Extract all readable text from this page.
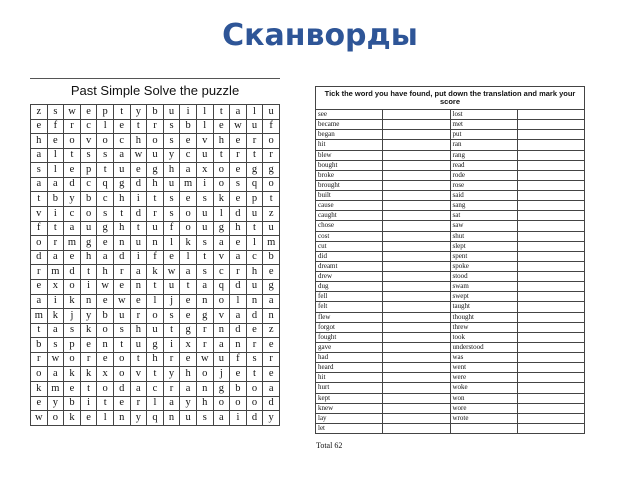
Сканворды
Past Simple Solve the puzzle
z	s	w	e	p	t	y	b	u	i	l	t	a	l	u
e	f	r	c	l	e	t	r	s	b	l	e	w	u	f
h	e	o	v	o	c	h	o	s	e	v	h	e	r	o
a	l	t	s	s	a	w	u	y	c	u	t	r	t	r
s	l	e	p	t	u	e	g	h	a	x	o	e	g	g
a	a	d	c	q	g	d	h	u	m	i	o	s	q	o
t	b	y	b	c	h	i	t	s	e	s	k	e	p	t
v	i	c	o	s	t	d	r	s	o	u	l	d	u	z
f	t	a	u	g	h	t	u	f	o	u	g	h	t	u
o	r	m	g	e	n	u	n	l	k	s	a	e	l	m
d	a	e	h	a	d	i	f	e	l	t	v	a	c	b
r	m	d	t	h	r	a	k	w	a	s	c	r	h	e
e	x	o	i	w	e	n	t	u	t	a	q	d	u	g
a	i	k	n	e	w	e	l	j	e	n	o	l	n	a
m	k	j	y	b	u	r	o	s	e	g	v	a	d	n
t	a	s	k	o	s	h	u	t	g	r	n	d	e	z
b	s	p	e	n	t	u	g	i	x	r	a	n	r	e
r	w	o	r	e	o	t	h	r	e	w	u	f	s	r
o	a	k	k	x	o	v	t	y	h	o	j	e	t	e
k	m	e	t	o	d	a	c	r	a	n	g	b	o	a
e	y	b	i	t	e	r	l	a	y	h	o	o	o	d
w	o	k	e	l	n	y	q	n	u	s	a	i	d	y
Tick the word you have found, put down the translation and mark your score			
see		lost	
became		met	
began		put	
hit		ran	
blew		rang	
bought		read	
broke		rode	
brought		rose	
built		said	
cause		sang	
caught		sat	
chose		saw	
cost		shut	
cut		slept	
did		spent	
dreamt		spoke	
drew		stood	
dug		swam	
fell		swept	
felt		taught	
flew		thought	
forgot		threw	
fought		took	
gave		understood	
had		was	
heard		went	
hit		were	
hurt		woke	
kept		won	
knew		wore	
lay		wrote	
let			
Total 62
